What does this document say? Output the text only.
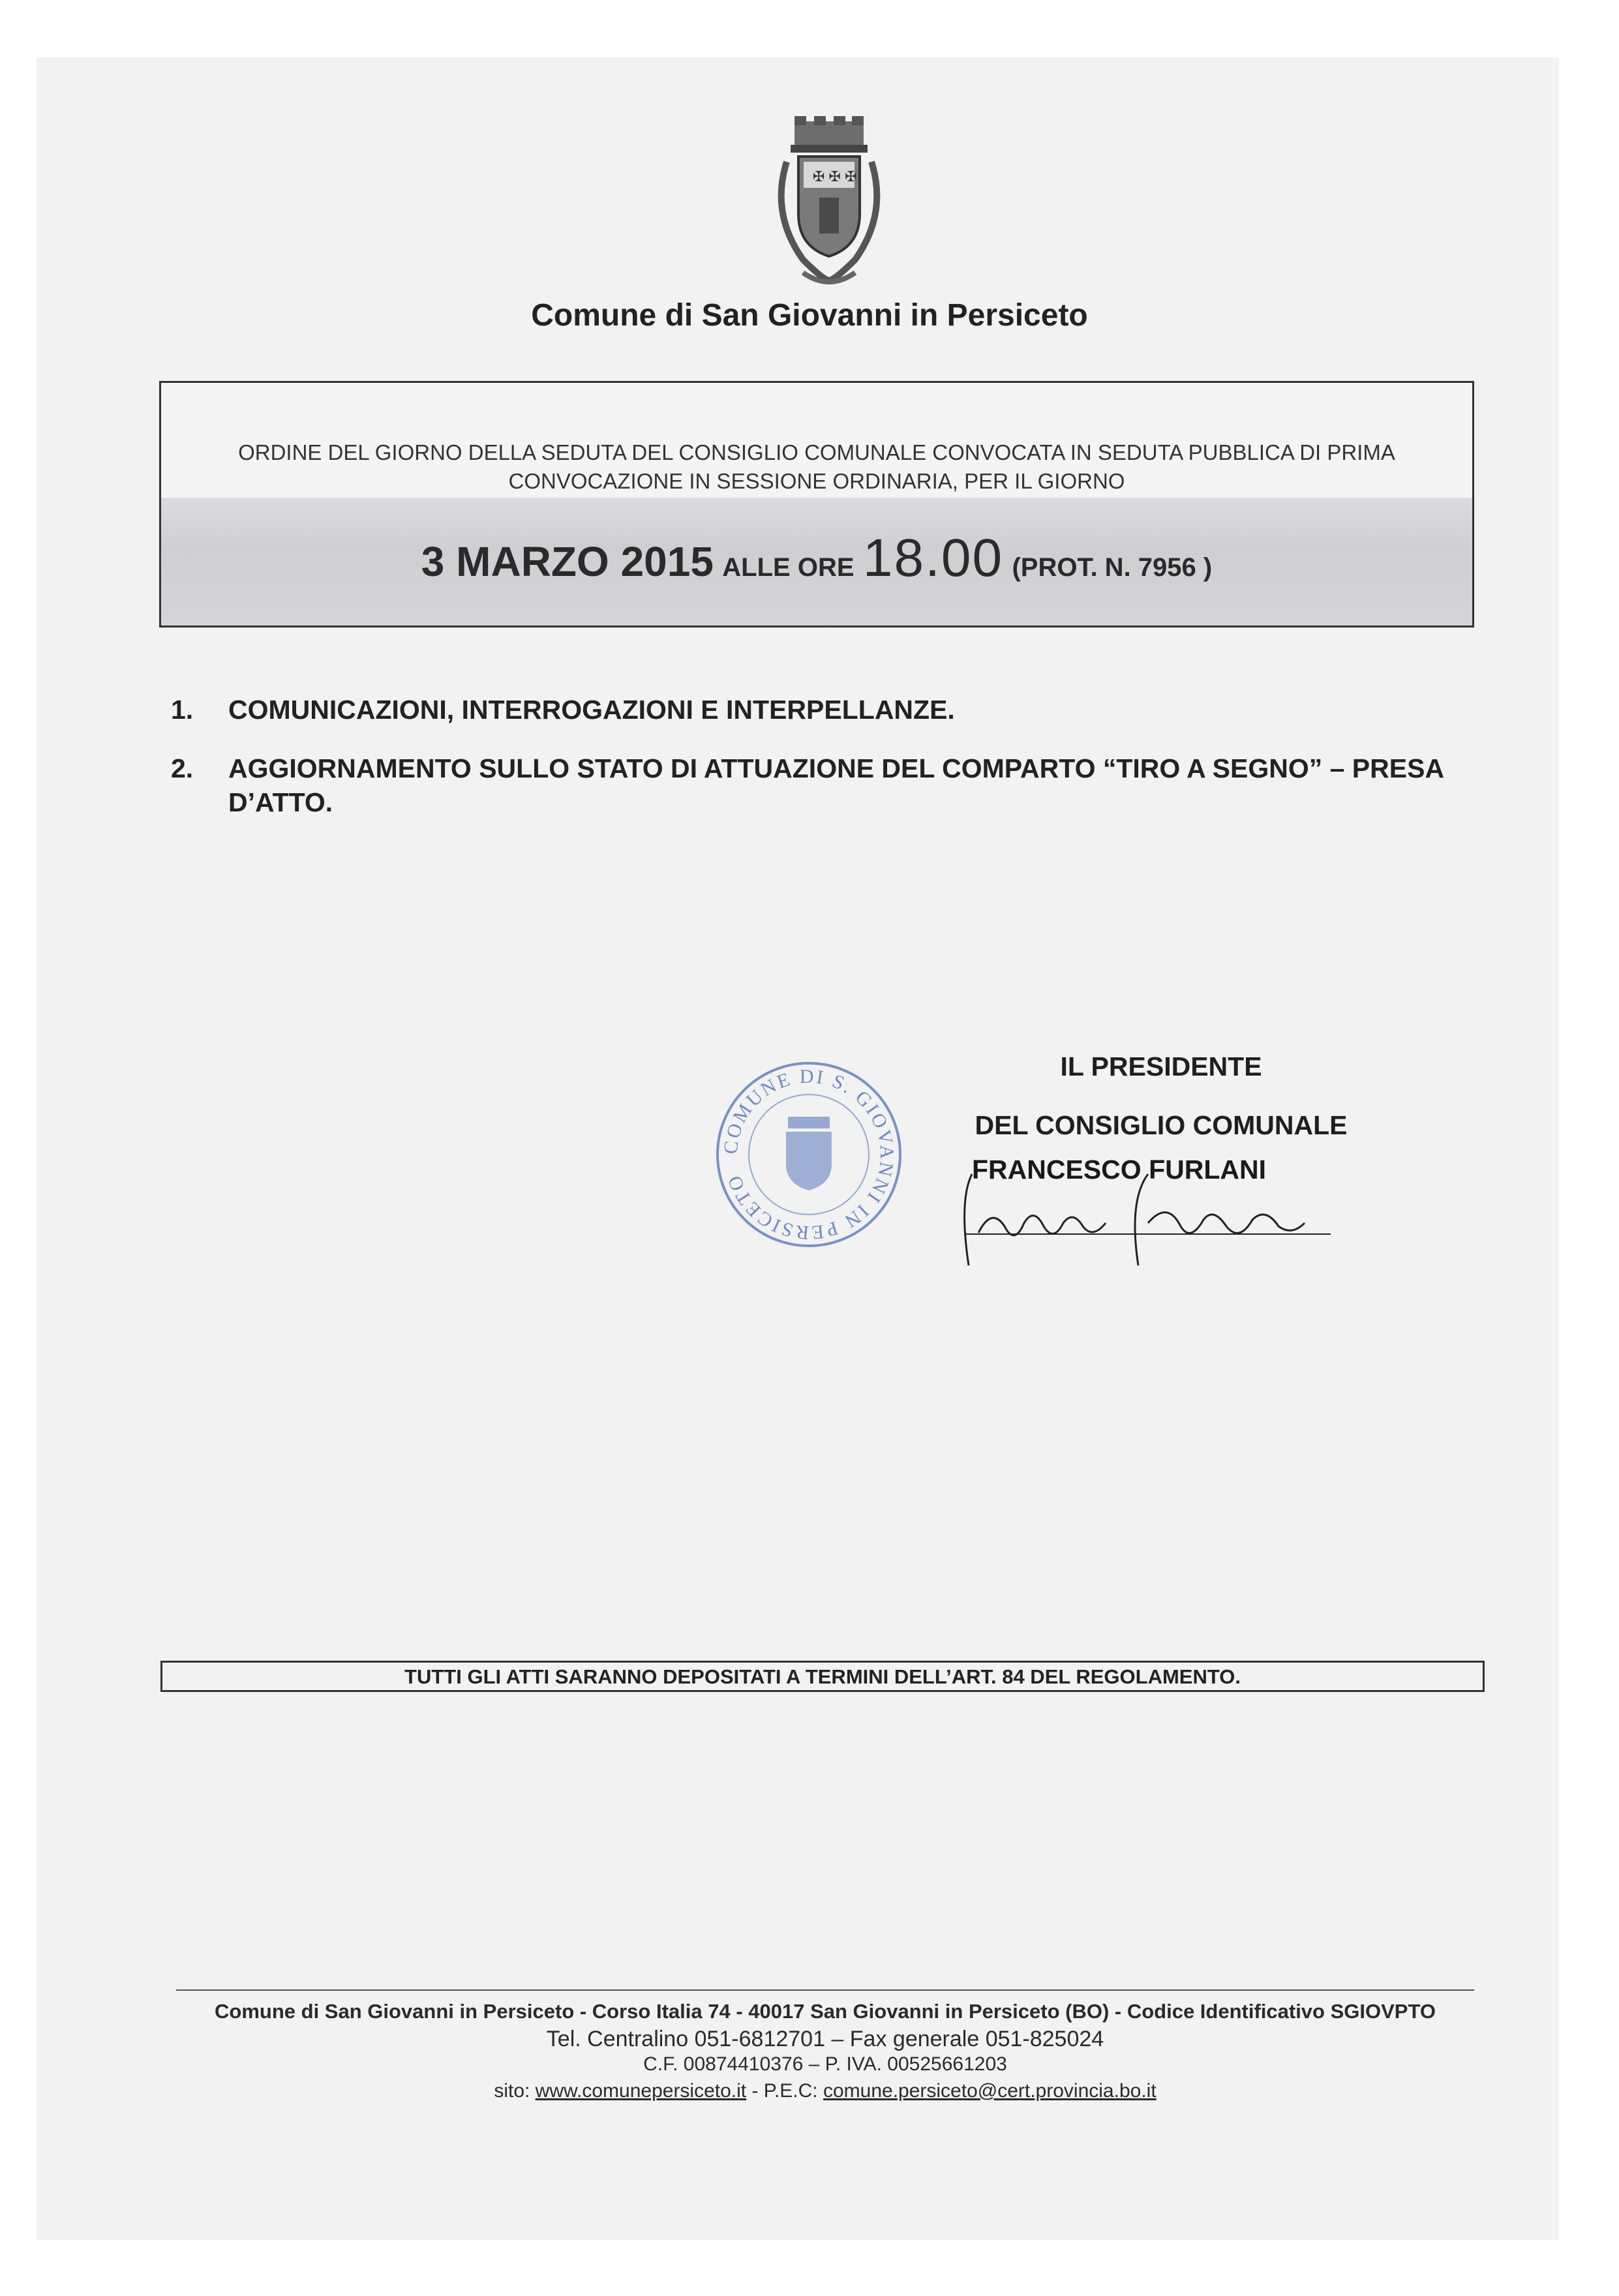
✠ ✠ ✠
Comune di San Giovanni in Persiceto
ORDINE DEL GIORNO DELLA SEDUTA DEL CONSIGLIO COMUNALE CONVOCATA IN SEDUTA PUBBLICA DI PRIMA
CONVOCAZIONE IN SESSIONE ORDINARIA, PER IL GIORNO
3 MARZO 2015 ALLE ORE 18.00 (PROT. N. 7956 )
1.	COMUNICAZIONI, INTERROGAZIONI E INTERPELLANZE.
2.	AGGIORNAMENTO SULLO STATO DI ATTUAZIONE DEL COMPARTO “TIRO A SEGNO” – PRESA D’ATTO.
COMUNE DI S. GIOVANNI IN PERSICETO
IL PRESIDENTE
DEL CONSIGLIO COMUNALE
FRANCESCO FURLANI
TUTTI GLI ATTI SARANNO DEPOSITATI A TERMINI DELL’ART. 84 DEL REGOLAMENTO.
Comune di San Giovanni in Persiceto - Corso Italia 74 - 40017 San Giovanni in Persiceto (BO) - Codice Identificativo SGIOVPTO
Tel. Centralino 051-6812701 – Fax generale 051-825024
C.F. 00874410376 – P. IVA. 00525661203
sito: www.comunepersiceto.it - P.E.C: comune.persiceto@cert.provincia.bo.it
